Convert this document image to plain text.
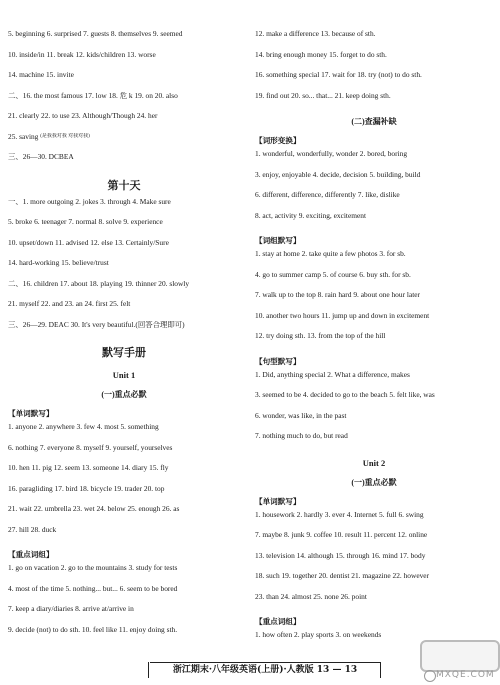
5. beginning 6. surprised 7. guests 8. themselves 9. seemed
10. inside/in 11. break 12. kids/children 13. worse
14. machine 15. invite
二、16. the most famous 17. low 18. 危 k 19. on 20. also
21. clearly 22. to use 23. Although/Though 24. her
25. saving (是我我对我 对我对我)
三、26—30. DCBEA
第十天
一、1. more outgoing 2. jokes 3. through 4. Make sure
5. broke 6. teenager 7. normal 8. solve 9. experience
10. upset/down 11. advised 12. else 13. Certainly/Sure
14. hard-working 15. believe/trust
二、16. children 17. about 18. playing 19. thinner 20. slowly
21. myself 22. and 23. an 24. first 25. felt
三、26—29. DEAC 30. It's very beautiful.(回答合理即可)
默写手册
Unit 1
(一)重点必默
【单词默写】
1. anyone 2. anywhere 3. few 4. most 5. something
6. nothing 7. everyone 8. myself 9. yourself, yourselves
10. hen 11. pig 12. seem 13. someone 14. diary 15. fly
16. paragliding 17. bird 18. bicycle 19. trader 20. top
21. wait 22. umbrella 23. wet 24. below 25. enough 26. as
27. hill 28. duck
【重点词组】
1. go on vacation 2. go to the mountains 3. study for tests
4. most of the time 5. nothing... but... 6. seem to be bored
7. keep a diary/diaries 8. arrive at/arrive in
9. decide (not) to do sth. 10. feel like 11. enjoy doing sth.
12. make a difference 13. because of sth.
14. bring enough money 15. forget to do sth.
16. something special 17. wait for 18. try (not) to do sth.
19. find out 20. so... that... 21. keep doing sth.
(二)查漏补缺
【词形变换】
1. wonderful, wonderfully, wonder 2. bored, boring
3. enjoy, enjoyable 4. decide, decision 5. building, build
6. different, difference, differently 7. like, dislike
8. act, activity 9. exciting, excitement
【词组默写】
1. stay at home 2. take quite a few photos 3. for sb.
4. go to summer camp 5. of course 6. buy sth. for sb.
7. walk up to the top 8. rain hard 9. about one hour later
10. another two hours 11. jump up and down in excitement
12. try doing sth. 13. from the top of the hill
【句型默写】
1. Did, anything special 2. What a difference, makes
3. seemed to be 4. decided to go to the beach 5. felt like, was
6. wonder, was like, in the past
7. nothing much to do, but read
Unit 2
(一)重点必默
【单词默写】
1. housework 2. hardly 3. ever 4. Internet 5. full 6. swing
7. maybe 8. junk 9. coffee 10. result 11. percent 12. online
13. television 14. although 15. through 16. mind 17. body
18. such 19. together 20. dentist 21. magazine 22. however
23. than 24. almost 25. none 26. point
【重点词组】
1. how often 2. play sports 3. on weekends
浙江期末·八年级英语(上册)·人教版 13 — 13	MXQE.COM
